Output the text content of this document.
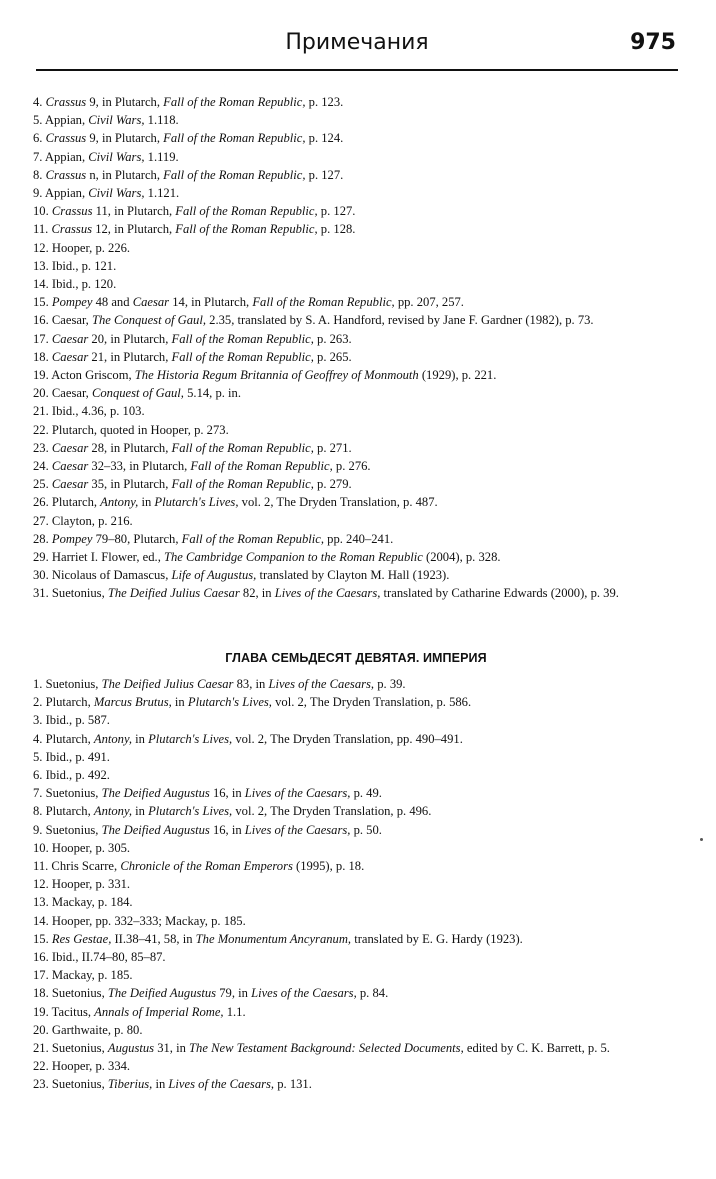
Примечания	975

4. Crassus 9, in Plutarch, Fall of the Roman Republic, p. 123.

5. Appian, Civil Wars, 1.118.

6. Crassus 9, in Plutarch, Fall of the Roman Republic, p. 124.

7. Appian, Civil Wars, 1.119.

8. Crassus n, in Plutarch, Fall of the Roman Republic, p. 127.

9. Appian, Civil Wars, 1.121.

10. Crassus 11, in Plutarch, Fall of the Roman Republic, p. 127.

11. Crassus 12, in Plutarch, Fall of the Roman Republic, p. 128.

12. Hooper, p. 226.

13. Ibid., p. 121.

14. Ibid., p. 120.

15. Pompey 48 and Caesar 14, in Plutarch, Fall of the Roman Republic, pp. 207, 257.

16. Caesar, The Conquest of Gaul, 2.35, translated by S. A. Handford, revised by Jane F. Gardner (1982), p. 73.

17. Caesar 20, in Plutarch, Fall of the Roman Republic, p. 263.

18. Caesar 21, in Plutarch, Fall of the Roman Republic, p. 265.

19. Acton Griscom, The Historia Regum Britannia of Geoffrey of Monmouth (1929), p. 221.

20. Caesar, Conquest of Gaul, 5.14, p. in.

21. Ibid., 4.36, p. 103.

22. Plutarch, quoted in Hooper, p. 273.

23. Caesar 28, in Plutarch, Fall of the Roman Republic, p. 271.

24. Caesar 32–33, in Plutarch, Fall of the Roman Republic, p. 276.

25. Caesar 35, in Plutarch, Fall of the Roman Republic, p. 279.

26. Plutarch, Antony, in Plutarch's Lives, vol. 2, The Dryden Translation, p. 487.

27. Clayton, p. 216.

28. Pompey 79–80, Plutarch, Fall of the Roman Republic, pp. 240–241.

29. Harriet I. Flower, ed., The Cambridge Companion to the Roman Republic (2004), p. 328.

30. Nicolaus of Damascus, Life of Augustus, translated by Clayton M. Hall (1923).

31. Suetonius, The Deified Julius Caesar 82, in Lives of the Caesars, translated by Catharine Edwards (2000), p. 39.

ГЛАВА СЕМЬДЕСЯТ ДЕВЯТАЯ. ИМПЕРИЯ

1. Suetonius, The Deified Julius Caesar 83, in Lives of the Caesars, p. 39.

2. Plutarch, Marcus Brutus, in Plutarch's Lives, vol. 2, The Dryden Translation, p. 586.

3. Ibid., p. 587.

4. Plutarch, Antony, in Plutarch's Lives, vol. 2, The Dryden Translation, pp. 490–491.

5. Ibid., p. 491.

6. Ibid., p. 492.

7. Suetonius, The Deified Augustus 16, in Lives of the Caesars, p. 49.

8. Plutarch, Antony, in Plutarch's Lives, vol. 2, The Dryden Translation, p. 496.

9. Suetonius, The Deified Augustus 16, in Lives of the Caesars, p. 50.

10. Hooper, p. 305.

11. Chris Scarre, Chronicle of the Roman Emperors (1995), p. 18.

12. Hooper, p. 331.

13. Mackay, p. 184.

14. Hooper, pp. 332–333; Mackay, p. 185.

15. Res Gestae, II.38–41, 58, in The Monumentum Ancyranum, translated by E. G. Hardy (1923).

16. Ibid., II.74–80, 85–87.

17. Mackay, p. 185.

18. Suetonius, The Deified Augustus 79, in Lives of the Caesars, p. 84.

19. Tacitus, Annals of Imperial Rome, 1.1.

20. Garthwaite, p. 80.

21. Suetonius, Augustus 31, in The New Testament Background: Selected Documents, edited by C. K. Barrett, p. 5.

22. Hooper, p. 334.

23. Suetonius, Tiberius, in Lives of the Caesars, p. 131.
